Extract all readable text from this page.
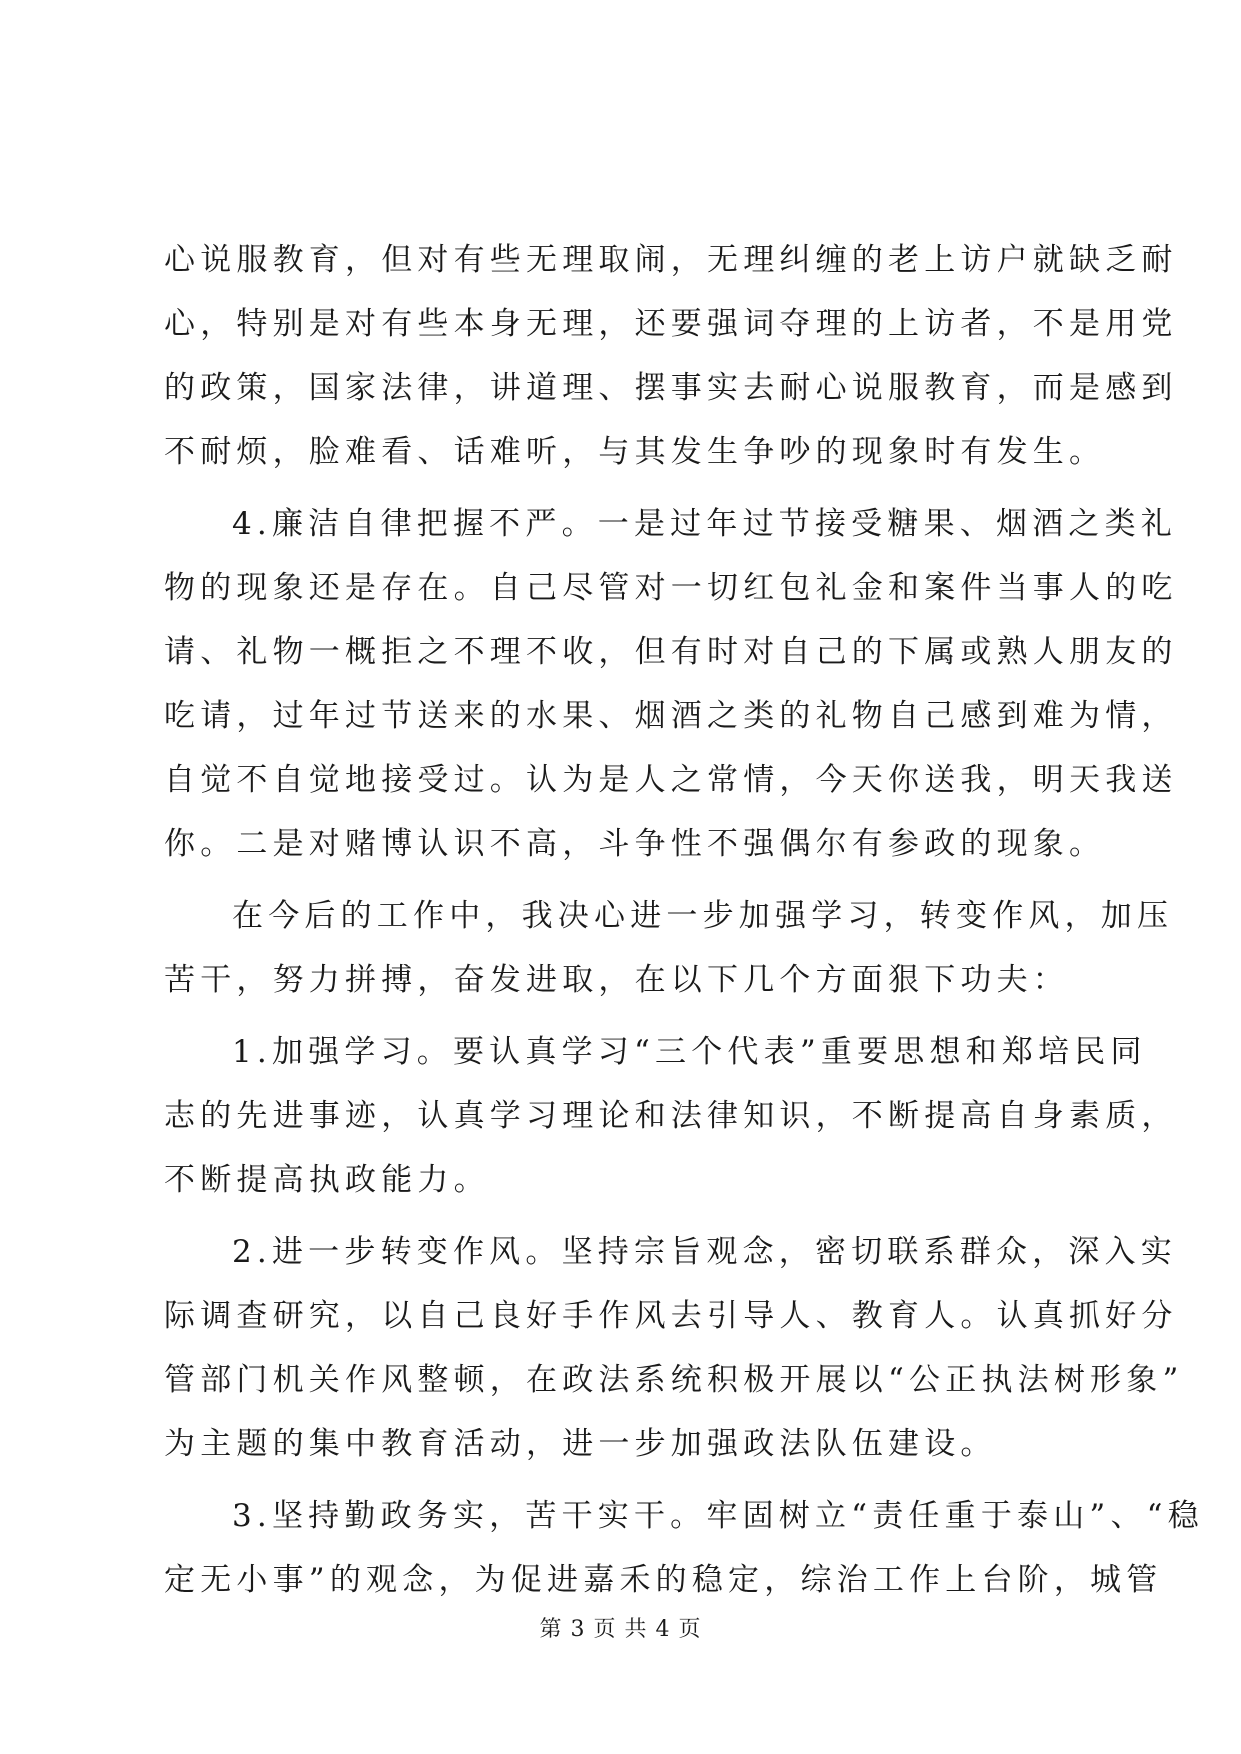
心说服教育，但对有些无理取闹，无理纠缠的老上访户就缺乏耐
心，特别是对有些本身无理，还要强词夺理的上访者，不是用党
的政策，国家法律，讲道理、摆事实去耐心说服教育，而是感到
不耐烦，脸难看、话难听，与其发生争吵的现象时有发生。
4.廉洁自律把握不严。一是过年过节接受糖果、烟酒之类礼
物的现象还是存在。自己尽管对一切红包礼金和案件当事人的吃
请、礼物一概拒之不理不收，但有时对自己的下属或熟人朋友的
吃请，过年过节送来的水果、烟酒之类的礼物自己感到难为情，
自觉不自觉地接受过。认为是人之常情，今天你送我，明天我送
你。二是对赌博认识不高，斗争性不强偶尔有参政的现象。
在今后的工作中，我决心进一步加强学习，转变作风，加压
苦干，努力拼搏，奋发进取，在以下几个方面狠下功夫：
1.加强学习。要认真学习“三个代表”重要思想和郑培民同
志的先进事迹，认真学习理论和法律知识，不断提高自身素质，
不断提高执政能力。
2.进一步转变作风。坚持宗旨观念，密切联系群众，深入实
际调查研究，以自己良好手作风去引导人、教育人。认真抓好分
管部门机关作风整顿，在政法系统积极开展以“公正执法树形象”
为主题的集中教育活动，进一步加强政法队伍建设。
3.坚持勤政务实，苦干实干。牢固树立“责任重于泰山”、“稳
定无小事”的观念，为促进嘉禾的稳定，综治工作上台阶，城管
第 3 页 共 4 页
